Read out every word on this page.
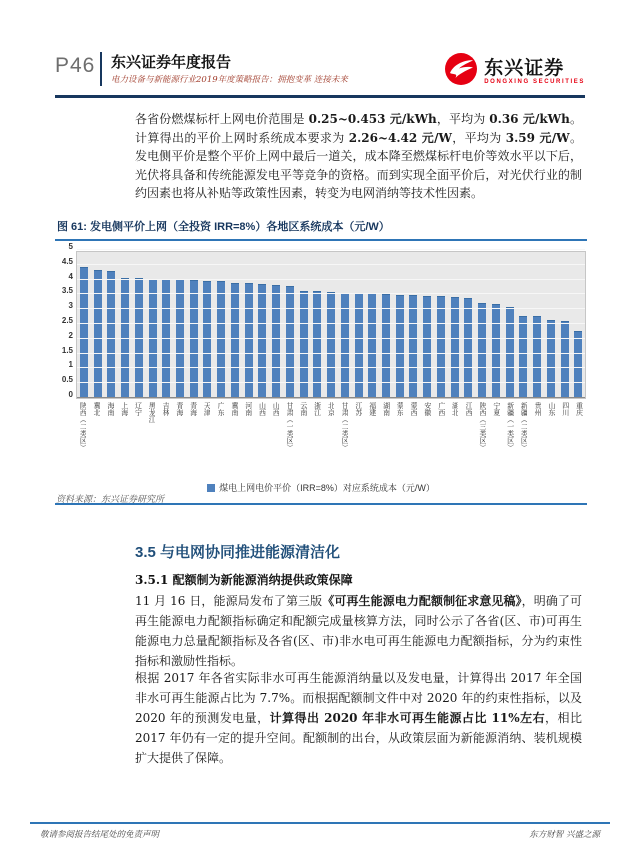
P46 东兴证券年度报告
电力设备与新能源行业2019年度策略报告：拥抱变革 连接未来
东兴证券
DONGXING SECURITIES

各省份燃煤标杆上网电价范围是 0.25~0.453 元/kWh，平均为 0.36 元/kWh。计算得出的平价上网时系统成本要求为 2.26~4.42 元/W，平均为 3.59 元/W。发电侧平价是整个平价上网中最后一道关，成本降至燃煤标杆电价等效水平以下后，光伏将具备和传统能源发电平等竞争的资格。而到实现全面平价后，对光伏行业的制约因素也将从补贴等政策性因素，转变为电网消纳等技术性因素。

图 61: 发电侧平价上网（全投资 IRR=8%）各地区系统成本（元/W）
0
0.5
1
1.5
2
2.5
3
3.5
4
4.5
5
陕西（二类区） 冀北 海南 上海 辽宁 黑龙江 吉林 青海 青海 天津 广东 冀南 河南 山西 山西 甘肃（一类区） 云南 浙江 北京 甘肃（二类区） 江苏 福建 湖南 蒙东 蒙西 安徽 广西 湖北 江西 陕西（三类区） 宁夏 新疆（一类区） 新疆（二类区） 贵州 山东 四川 重庆
煤电上网电价平价（IRR=8%）对应系统成本（元/W）
资料来源：东兴证券研究所
3.5 与电网协同推进能源清洁化
3.5.1 配额制为新能源消纳提供政策保障

11 月 16 日，能源局发布了第三版《可再生能源电力配额制征求意见稿》，明确了可再生能源电力配额指标确定和配额完成量核算方法，同时公示了各省(区、市)可再生能源电力总量配额指标及各省(区、市)非水电可再生能源电力配额指标，分为约束性指标和激励性指标。

根据 2017 年各省实际非水可再生能源消纳量以及发电量，计算得出 2017 年全国非水可再生能源占比为 7.7%。而根据配额制文件中对 2020 年的约束性指标，以及 2020 年的预测发电量，计算得出 2020 年非水可再生能源占比 11%左右，相比 2017 年仍有一定的提升空间。配额制的出台，从政策层面为新能源消纳、装机规模扩大提供了保障。

敬请参阅报告结尾处的免责声明	东方财智 兴盛之源
